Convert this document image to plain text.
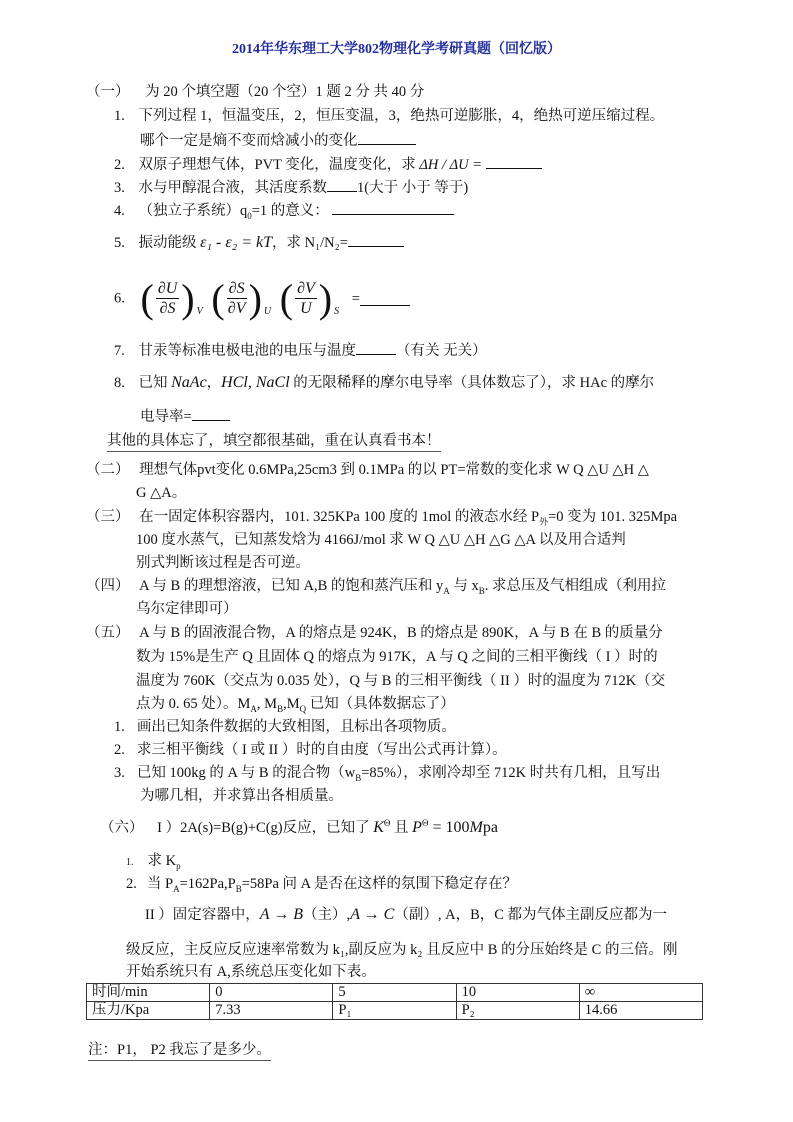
2014年华东理工大学802物理化学考研真题（回忆版）
（一） 为 20 个填空题（20 个空）1 题 2 分 共 40 分
1. 下列过程 1，恒温变压，2，恒压变温，3，绝热可逆膨胀，4，绝热可逆压缩过程。
哪个一定是熵不变而焓减小的变化
2. 双原子理想气体，PVT 变化，温度变化，求 ΔH / ΔU =
3. 水与甲醇混合液，其活度系数 1(大于 小于 等于)
4. （独立子系统）$q_0=1$ 的意义：
5. 振动能级 ε₁ - ε₂ = kT，求 N₁/N₂=
6. ( $\frac{\partial U}{\partial S}$ ) $_V$ ( $\frac{\partial S}{\partial V}$ ) $_U$ ( $\frac{\partial V}{U}$ ) $_S$ =
7. 甘汞等标准电极电池的电压与温度	（有关 无关）
8. 已知 NaAc，HCl, NaCl 的无限稀释的摩尔电导率（具体数忘了），求 HAc 的摩尔
电导率=
其他的具体忘了，填空都很基础，重在认真看书本！
（二） 理想气体pvt变化 0.6MPa,25cm3 到 0.1MPa 的以 PT=常数的变化求 W Q △U △H △
G △A。
（三） 在一固定体积容器内，101. 325KPa 100 度的 1mol 的液态水经 $P_外=0$ 变为 101. 325Mpa
100 度水蒸气，已知蒸发焓为 4166J/mol 求 W Q △U △H △G △A 以及用合适判
别式判断该过程是否可逆。
（四） A 与 B 的理想溶液，已知 A,B 的饱和蒸汽压和 $y_A$ 与 $x_B$. 求总压及气相组成（利用拉
乌尔定律即可）
（五） A 与 B 的固液混合物，A 的熔点是 924K，B 的熔点是 890K，A 与 B 在 B 的质量分
数为 15%是生产 Q 且固体 Q 的熔点为 917K，A 与 Q 之间的三相平衡线（ I ）时的
温度为 760K（交点为 0.035 处），Q 与 B 的三相平衡线（ II ）时的温度为 712K（交
点为 0. 65 处）。$M_A$, $M_B,M_Q$ 已知（具体数据忘了）
1. 画出已知条件数据的大致相图，且标出各项物质。
2. 求三相平衡线（ I 或 II ）时的自由度（写出公式再计算）。
3. 已知 100kg 的 A 与 B 的混合物$(w_B=85\%)$，求刚冷却至 712K 时共有几相，且写出
为哪几相，并求算出各相质量。
（六） I ）2A(s)=B(g)+C(g)反应，已知了 $K^\Theta$ 且 $P^\Theta = 100Mpa$
1. 求 $K_p$
2. 当 $P_A=162Pa,P_B=58Pa$ 问 A 是否在这样的氛围下稳定存在？
II ）固定容器中，A → B（主）,A → C（副）, A，B，C 都为气体主副反应都为一
级反应，主反应反应速率常数为 k₁,副反应为 k₂ 且反应中 B 的分压始终是 C 的三倍。刚
开始系统只有 A,系统总压变化如下表。
时间/min	0	5	10	∞
压力/Kpa	7.33	P₁	P₂	14.66
注：P1， P2 我忘了是多少。
